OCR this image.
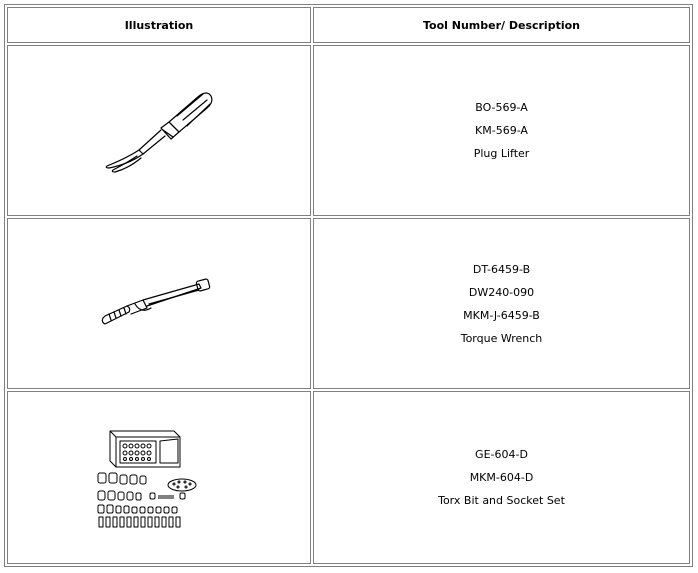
Illustration	Tool Number/ Description
BO-569-A
KM-569-A
Plug Lifter
DT-6459-B
DW240-090
MKM-J-6459-B
Torque Wrench
GE-604-D
MKM-604-D
Torx Bit and Socket Set
